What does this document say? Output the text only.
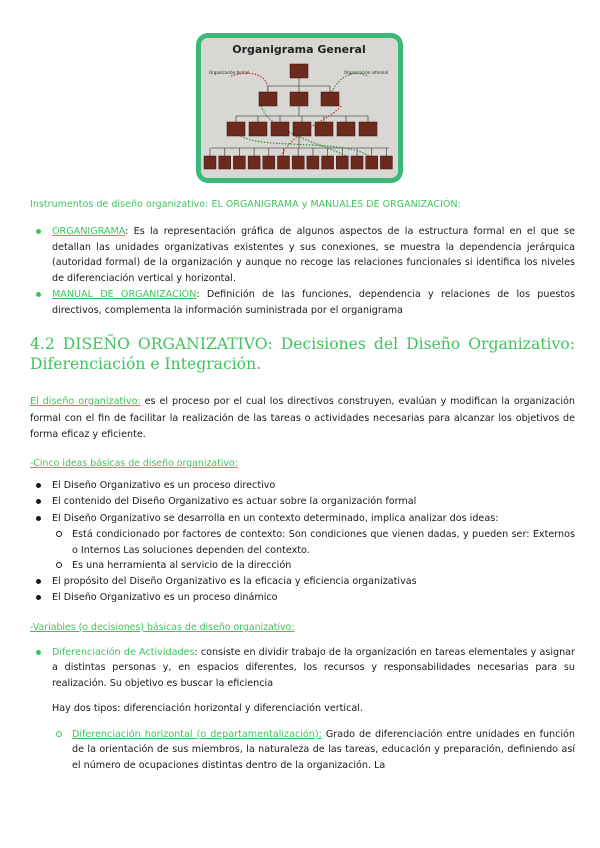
Organigrama General
Organización formal	Organización informal

Instrumentos de diseño organizativo: EL ORGANIGRAMA y MANUALES DE ORGANIZACIÓN:

ORGANIGRAMA: Es la representación gráfica de algunos aspectos de la estructura formal en el que se detallan las unidades organizativas existentes y sus conexiones, se muestra la dependencia jerárquica (autoridad formal) de la organización y aunque no recoge las relaciones funcionales si identifica los niveles de diferenciación vertical y horizontal.
MANUAL DE ORGANIZACIÓN: Definición de las funciones, dependencia y relaciones de los puestos directivos, complementa la información suministrada por el organigrama
4.2 DISEÑO ORGANIZATIVO: Decisiones del Diseño Organizativo: Diferenciación e Integración.

El diseño organizativo: es el proceso por el cual los directivos construyen, evalúan y modifican la organización formal con el fin de facilitar la realización de las tareas o actividades necesarias para alcanzar los objetivos de forma eficaz y eficiente.

-Cinco ideas básicas de diseño organizativo:

El Diseño Organizativo es un proceso directivo
El contenido del Diseño Organizativo es actuar sobre la organización formal
El Diseño Organizativo se desarrolla en un contexto determinado, implica analizar dos ideas:
Está condicionado por factores de contexto: Son condiciones que vienen dadas, y pueden ser: Externos o Internos Las soluciones dependen del contexto.
Es una herramienta al servicio de la dirección
El propósito del Diseño Organizativo es la eficacia y eficiencia organizativas
El Diseño Organizativo es un proceso dinámico

-Variables (o decisiones) básicas de diseño organizativo:

Diferenciación de Actividades: consiste en dividir trabajo de la organización en tareas elementales y asignar a distintas personas y, en espacios diferentes, los recursos y responsabilidades necesarias para su realización. Su objetivo es buscar la eficiencia

Hay dos tipos: diferenciación horizontal y diferenciación vertical.

Diferenciación horizontal (o departamentalización): Grado de diferenciación entre unidades en función de la orientación de sus miembros, la naturaleza de las tareas, educación y preparación, definiendo así el número de ocupaciones distintas dentro de la organización. La
